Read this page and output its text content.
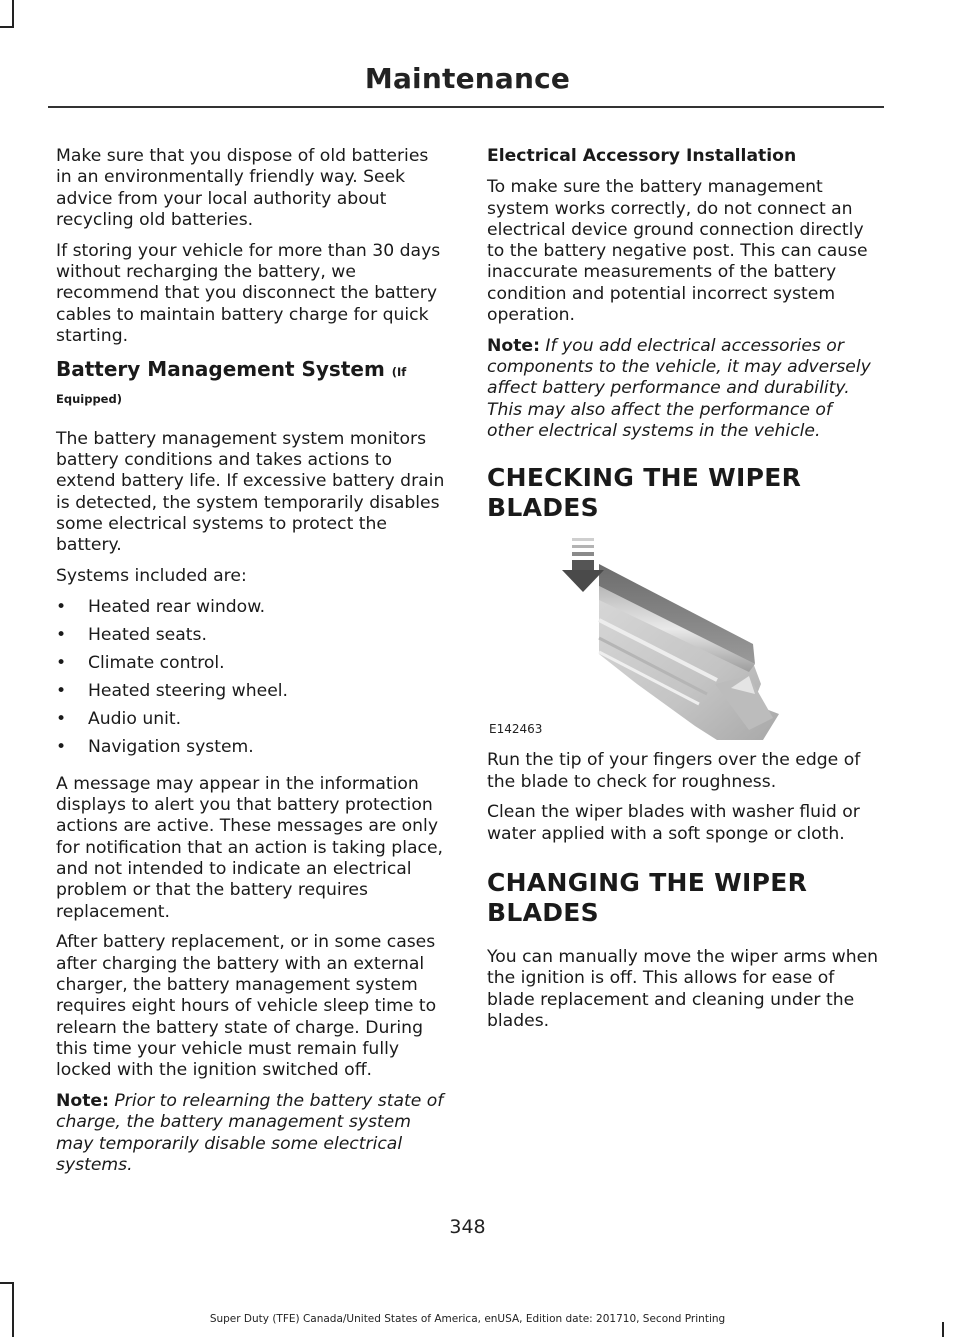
Maintenance

Make sure that you dispose of old batteries in an environmentally friendly way. Seek advice from your local authority about recycling old batteries.

If storing your vehicle for more than 30 days without recharging the battery, we recommend that you disconnect the battery cables to maintain battery charge for quick starting.

Battery Management System (If Equipped)

The battery management system monitors battery conditions and takes actions to extend battery life. If excessive battery drain is detected, the system temporarily disables some electrical systems to protect the battery.

Systems included are:

• Heated rear window.
• Heated seats.
• Climate control.
• Heated steering wheel.
• Audio unit.
• Navigation system.

A message may appear in the information displays to alert you that battery protection actions are active. These messages are only for notification that an action is taking place, and not intended to indicate an electrical problem or that the battery requires replacement.

After battery replacement, or in some cases after charging the battery with an external charger, the battery management system requires eight hours of vehicle sleep time to relearn the battery state of charge. During this time your vehicle must remain fully locked with the ignition switched off.

Note: Prior to relearning the battery state of charge, the battery management system may temporarily disable some electrical systems.

Electrical Accessory Installation

To make sure the battery management system works correctly, do not connect an electrical device ground connection directly to the battery negative post. This can cause inaccurate measurements of the battery condition and potential incorrect system operation.

Note: If you add electrical accessories or components to the vehicle, it may adversely affect battery performance and durability. This may also affect the performance of other electrical systems in the vehicle.

CHECKING THE WIPER
BLADES
E142463

Run the tip of your fingers over the edge of the blade to check for roughness.

Clean the wiper blades with washer fluid or water applied with a soft sponge or cloth.

CHANGING THE WIPER
BLADES

You can manually move the wiper arms when the ignition is off. This allows for ease of blade replacement and cleaning under the blades.

348
Super Duty (TFE) Canada/United States of America, enUSA, Edition date: 201710, Second Printing
